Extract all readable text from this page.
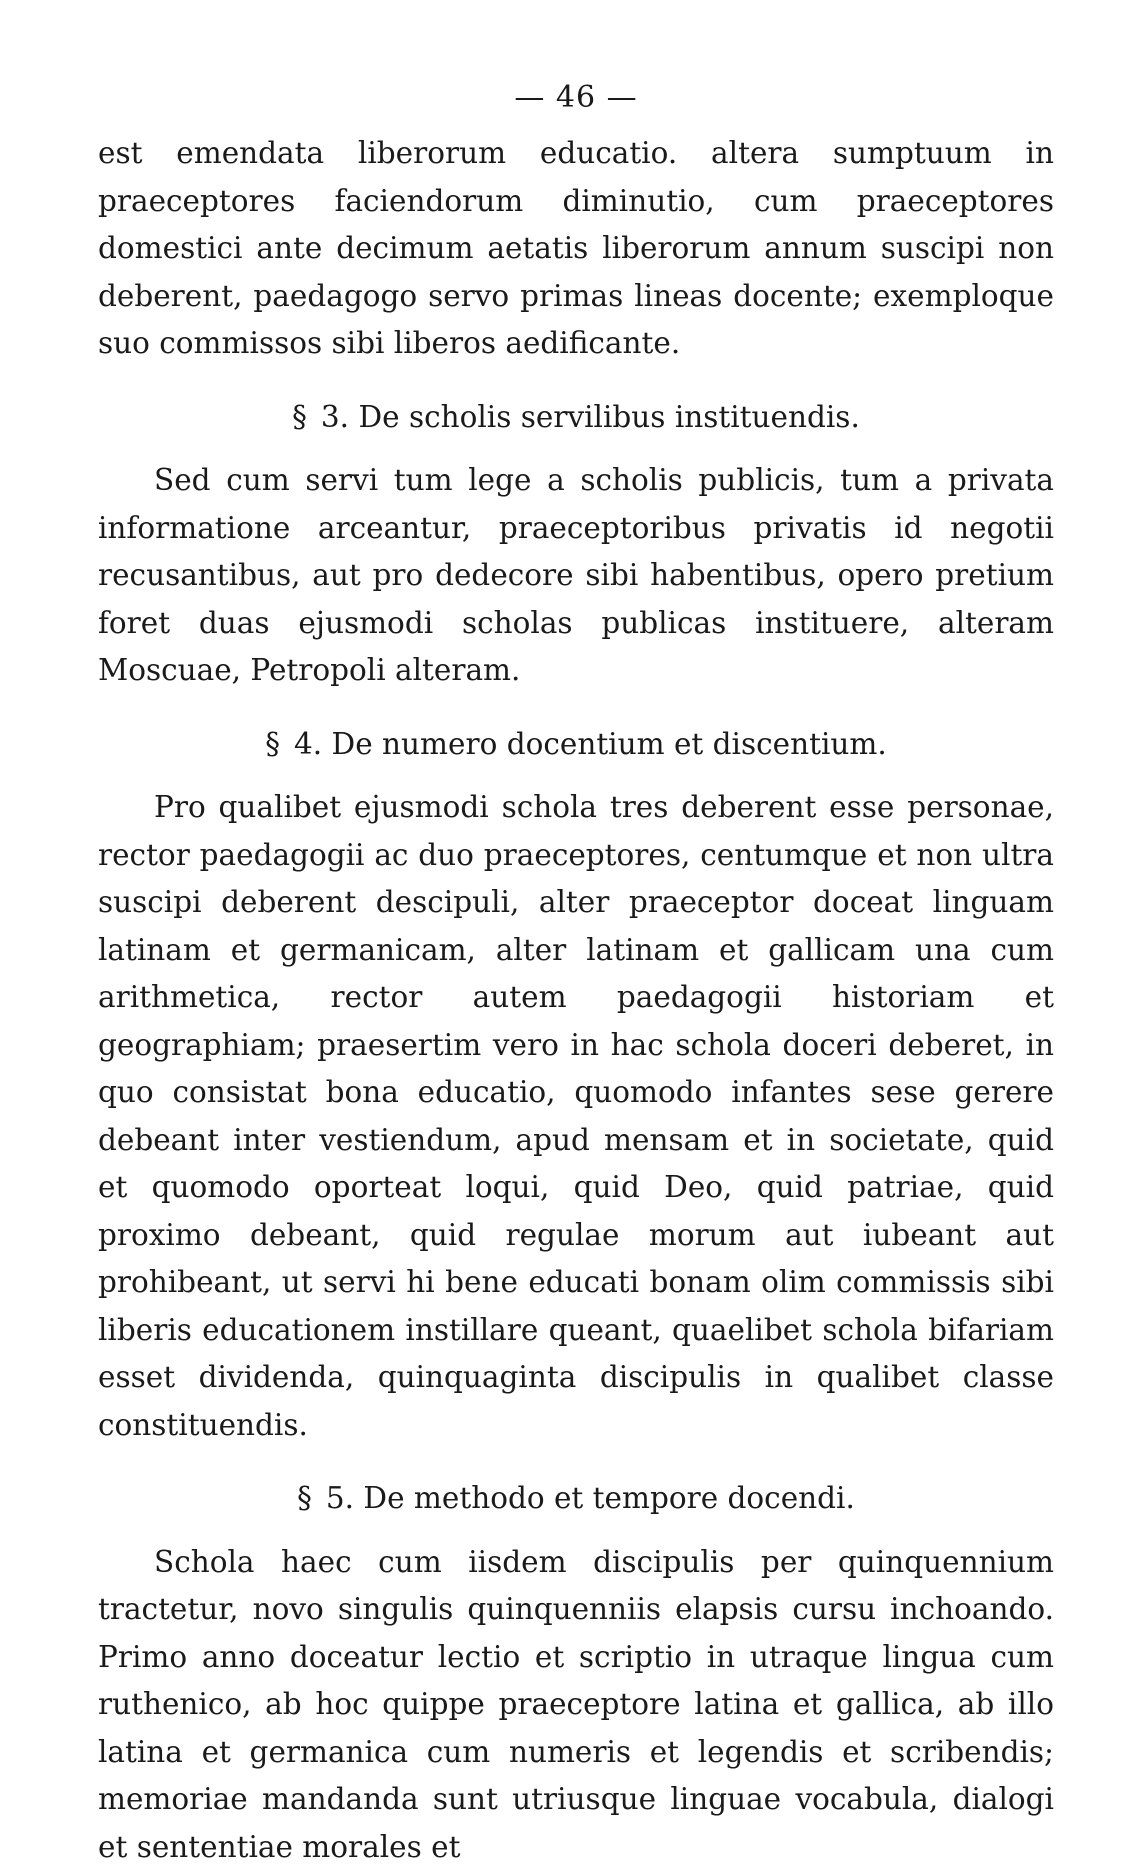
— 46 —

est emendata liberorum educatio. altera sumptuum in praeceptores faciendorum diminutio, cum praeceptores domestici ante decimum aetatis liberorum annum suscipi non deberent, paedagogo servo primas lineas docente; exemploque suo commissos sibi liberos aedificante.

§ 3. De scholis servilibus instituendis.

Sed cum servi tum lege a scholis publicis, tum a privata informatione arceantur, praeceptoribus privatis id negotii recusantibus, aut pro dedecore sibi habentibus, opero pretium foret duas ejusmodi scholas publicas instituere, alteram Moscuae, Petropoli alteram.

§ 4. De numero docentium et discentium.

Pro qualibet ejusmodi schola tres deberent esse personae, rector paedagogii ac duo praeceptores, centumque et non ultra suscipi deberent descipuli, alter praeceptor doceat linguam latinam et germanicam, alter latinam et gallicam una cum arithmetica, rector autem paedagogii historiam et geographiam; praesertim vero in hac schola doceri deberet, in quo consistat bona educatio, quomodo infantes sese gerere debeant inter vestiendum, apud mensam et in societate, quid et quomodo oporteat loqui, quid Deo, quid patriae, quid proximo debeant, quid regulae morum aut iubeant aut prohibeant, ut servi hi bene educati bonam olim commissis sibi liberis educationem instillare queant, quaelibet schola bifariam esset dividenda, quinquaginta discipulis in qualibet classe constituendis.

§ 5. De methodo et tempore docendi.

Schola haec cum iisdem discipulis per quinquennium tractetur, novo singulis quinquenniis elapsis cursu inchoando. Primo anno doceatur lectio et scriptio in utraque lingua cum ruthenico, ab hoc quippe praeceptore latina et gallica, ab illo latina et germanica cum numeris et legendis et scribendis; memoriae mandanda sunt utriusque linguae vocabula, dialogi et sententiae morales et
